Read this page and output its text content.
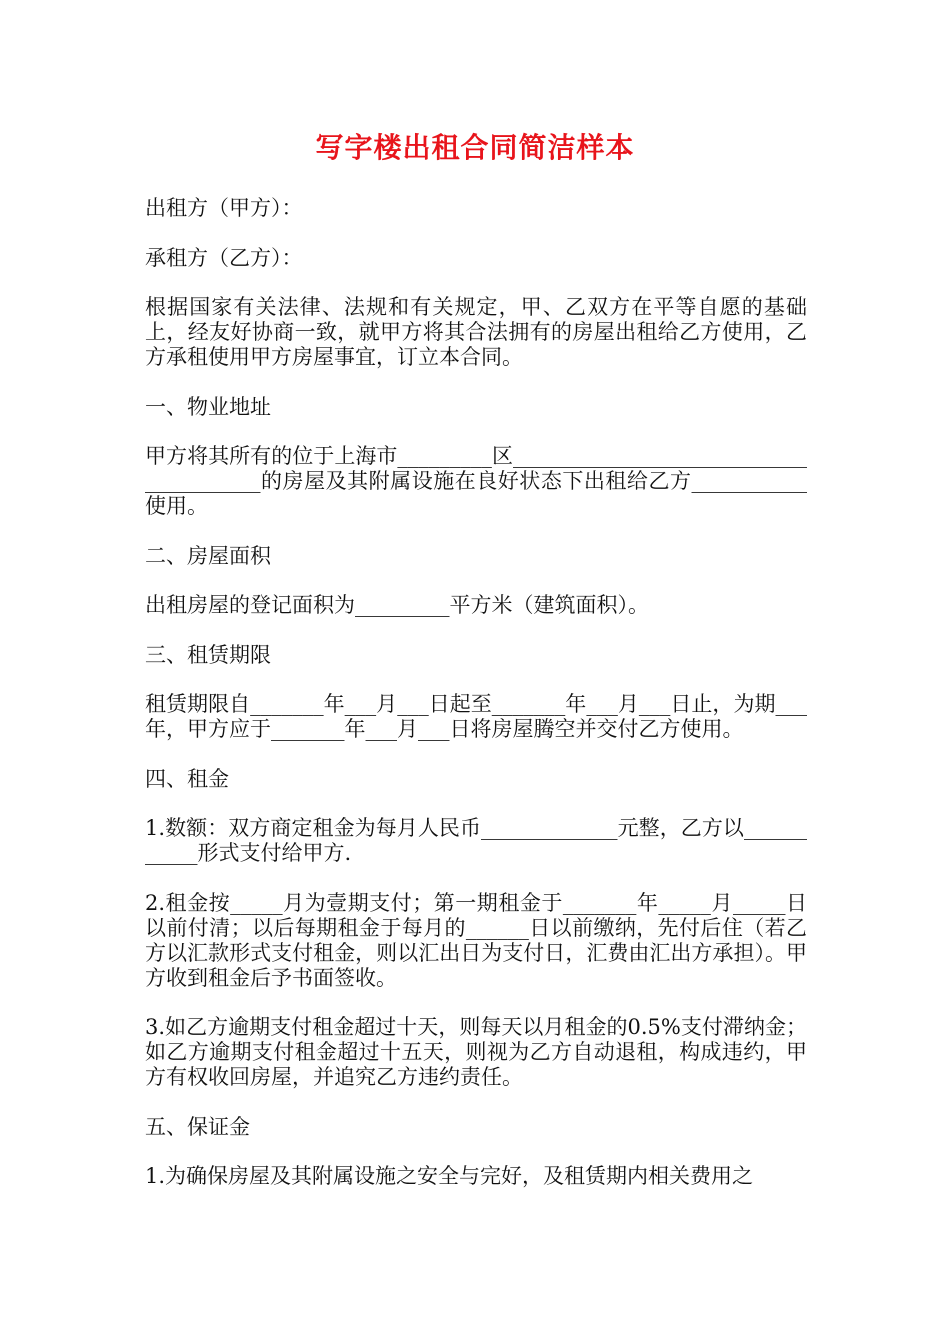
写字楼出租合同简洁样本

出租方（甲方）：

承租方（乙方）：

根据国家有关法律、法规和有关规定，甲、乙双方在平等自愿的基础上，经友好协商一致，就甲方将其合法拥有的房屋出租给乙方使用，乙方承租使用甲方房屋事宜，订立本合同。

一、物业地址

甲方将其所有的位于上海市_________区_______________________________________的房屋及其附属设施在良好状态下出租给乙方___________使用。

二、房屋面积

出租房屋的登记面积为_________平方米（建筑面积）。

三、租赁期限

租赁期限自_______年___月___日起至_______年___月___日止，为期___年，甲方应于_______年___月___日将房屋腾空并交付乙方使用。

四、租金

1.数额：双方商定租金为每月人民币_____________元整，乙方以___________形式支付给甲方.

2.租金按_____月为壹期支付；第一期租金于_______年_____月_____日以前付清；以后每期租金于每月的______日以前缴纳，先付后住（若乙方以汇款形式支付租金，则以汇出日为支付日，汇费由汇出方承担）。甲方收到租金后予书面签收。

3.如乙方逾期支付租金超过十天，则每天以月租金的0.5%支付滞纳金；如乙方逾期支付租金超过十五天，则视为乙方自动退租，构成违约，甲方有权收回房屋，并追究乙方违约责任。

五、保证金

1.为确保房屋及其附属设施之安全与完好，及租赁期内相关费用之
